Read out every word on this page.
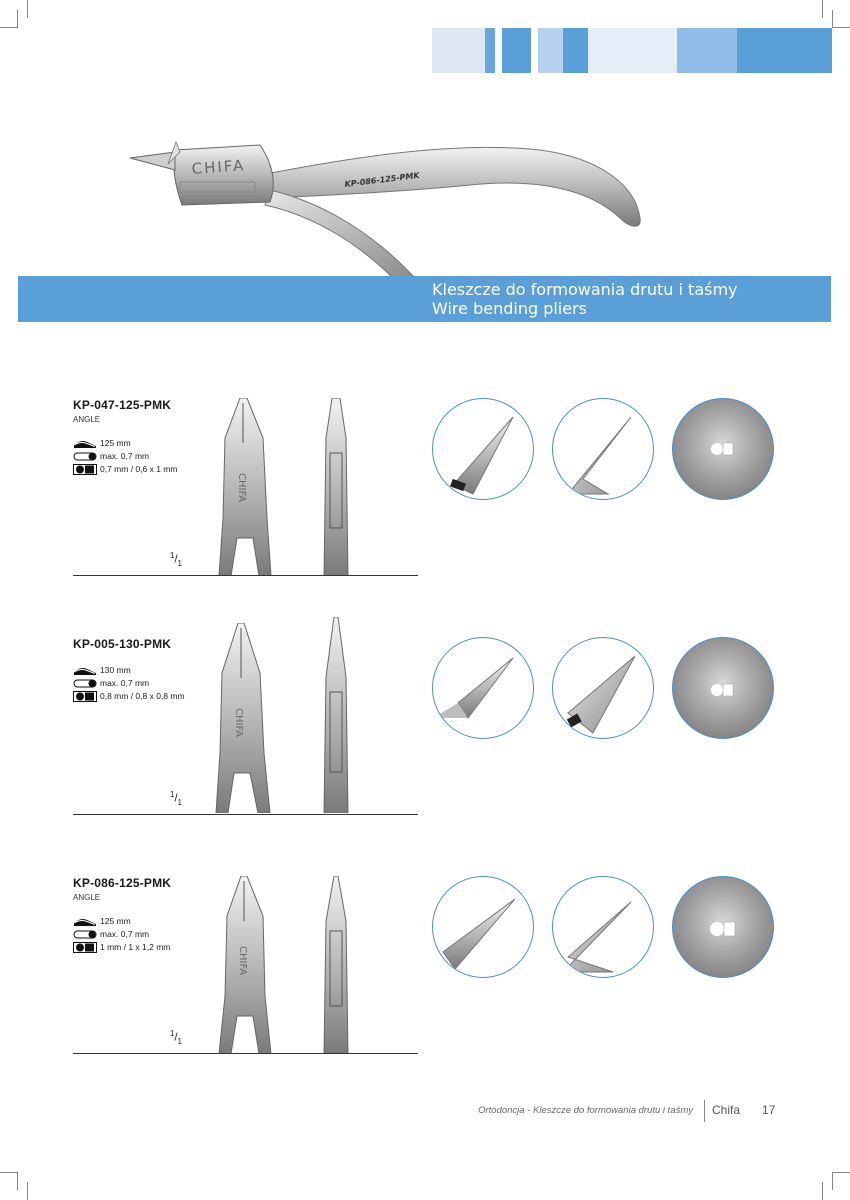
CHIFA
KP-086-125-PMK
Kleszcze do formowania drutu i taśmy
Wire bending pliers
KP-047-125-PMK
ANGLE
125 mm
max. 0,7 mm
0,7 mm / 0,6 x 1 mm
$^1/_1$
CHIFA
KP-005-130-PMK
130 mm
max. 0,7 mm
0,8 mm / 0,8 x 0,8 mm
$^1/_1$
CHIFA
KP-086-125-PMK
ANGLE
125 mm
max. 0,7 mm
1 mm / 1 x 1,2 mm
$^1/_1$
CHIFA
Ortodoncja - Kleszcze do formowania drutu i taśmy Chifa 17
